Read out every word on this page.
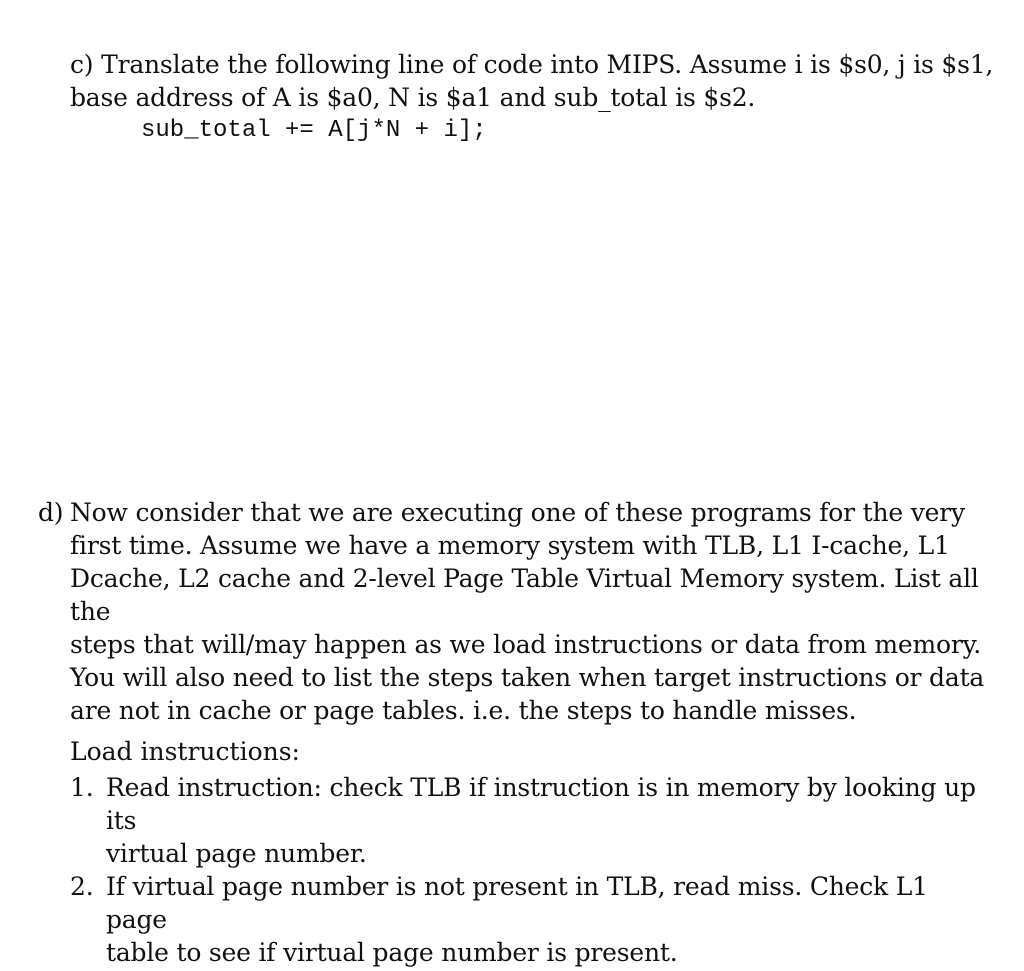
c) Translate the following line of code into MIPS. Assume i is $s0, j is $s1,

base address of A is $a0, N is $a1 and sub_total is $s2.

sub_total += A[j*N + i];
d) Now consider that we are executing one of these programs for the very

first time. Assume we have a memory system with TLB, L1 I-cache, L1

Dcache, L2 cache and 2-level Page Table Virtual Memory system. List all the

steps that will/may happen as we load instructions or data from memory.

You will also need to list the steps taken when target instructions or data

are not in cache or page tables. i.e. the steps to handle misses.

Load instructions:
1. Read instruction: check TLB if instruction is in memory by looking up its
virtual page number.
2. If virtual page number is not present in TLB, read miss. Check L1 page
table to see if virtual page number is present.
